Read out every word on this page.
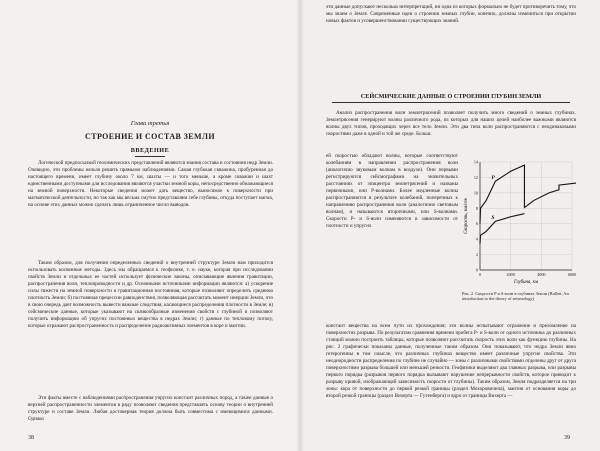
Глава третья

СТРОЕНИЕ И СОСТАВ ЗЕМЛИ

ВВЕДЕНИЕ

Логической предпосылкой геохимических представлений являются знания состава и состояния недр Земли. Очевидно, эти проблемы нельзя решить прямыми наблюдениями. Самая глубокая скважина, пробуренная до настоящего времени, имеет глубину около 7 км, шахты — и того меньше, а кроме скважин и шахт единственными доступными для исследования являются участки земной коры, непосредственно обнажающиеся на земной поверхности. Некоторые сведения может дать вещество, выносимое к поверхности при магматической деятельности, но так как мы весьма смутно представляем себе глубины, откуда поступает магма, на основе этих данных можно сделать лишь ограниченное число выводов.

Таким образом, для получения определенных сведений о внутренней структуре Земли нам приходится использовать косвенные методы. Здесь мы обращаемся к геофизике, т. е. науке, которая при исследовании свойств Земли и отдельных ее частей использует физические законы, описывающие явления гравитации, распространения волн, теплопроводности и др. Основными источниками информации являются: а) ускорение силы тяжести на земной поверхности и гравитационная постоянная, которые позволяют определить среднюю плотность Земли; б) постоянная прецессии равноденствия, позволяющая рассчитать момент инерции Земли, что в свою очередь дает возможность вывести важные следствия, касающиеся распределения плотности в Земле; в) сейсмические данные, которые указывают на скачкообразные изменения свойств с глубиной и позволяют получить информацию об упругих постоянных вещества в недрах Земли; г) данные по тепловому потоку, которые отражают распространенность и распределение радиоактивных элементов в коре и мантии.

Эти факты вместе с наблюдениями распространения упругих констант различных пород, а также данные о верхней распространенности элементов в ряду позволяют сведения представлять основу теории о внутренней структуре и составе Земли. Любая достоверная теория должна быть совместима с имеющимися данными. Однако

38

эти данные допускают несколько интерпретаций, ни одна из которых формально не будет противоречить тому, что мы знаем о Земле. Современные идеи о строении земных глубин, конечно, должны измениться при открытии новых фактов и усовершенствовании существующих знаний.

СЕЙСМИЧЕСКИЕ ДАННЫЕ О СТРОЕНИИ ГЛУБИН ЗЕМЛИ

Анализ распространения волн землетрясений позволяет получить много сведений о земных глубинах. Землетрясения генерируют волны различного рода, из которых для наших целей наиболее важными являются волны двух типов, проходящих через все тело Земли. Эти два типа волн распространяются с неодинаковыми скоростями даже в одной и той же среде. Больш.

ей скоростью обладают волны, которые соответствуют колебаниям в направлении распространения волн (аналогично звуковым волнам в воздухе). Они первыми регистрируются сейсмографами на значительных расстояниях от эпицентра землетрясений и названы первичными, или P-волнами. Более медленные волны распространяются в результате колебаний, поперечных к направлению распространения волн (аналогично световым волнам), и называются вторичными, или S-волнами. Скорости P- и S-волн изменяются в зависимости от плотности и упругих

0
2
4
6
8
10
12
14
0	2000	4000	6000
P
S
Глубина, км
Скорость, км/сек

Рис. 2. Скорости P и S волн в глубинах Земли (Bullen, An introduction to the theory of seismology)

констант вещества на всем пути их прохождения; эти волны испытывают отражение и преломление на поверхностях разрыва. По результатам сравнения времени пробега P- и S-волн от одного источника до различных станций можно построить таблицы, которые позволяют рассчитать скорость этих волн как функцию глубины. На рис. 2 графически показаны данные, полученные таким образом. Они показывают, что недра Земли явно гетерогенны в том смысле, что различных глубинах вещество имеет различные упругие свойства. Эти неоднородности распределения по глубине не случайно — зоны с различными свойствами отделены друг от друга поверхностями разрыва большей или меньшей резкости. Геофизики выделяют два главных разрыва, или разрывы первого порядка (разрывов первого порядка вызывают нарушение непрерывности свойств, которое приводит к разрыву кривой, изображающей зависимость скорости от глубины). Таким образом, Земля подразделяется на три зоны: кора от поверхности до первой резкой границы (раздел Мохоровичича), мантия от основания коры до второй резкой границы (раздел Вихерта — Гутенберга) и ядро от границы Вихерта —

39
